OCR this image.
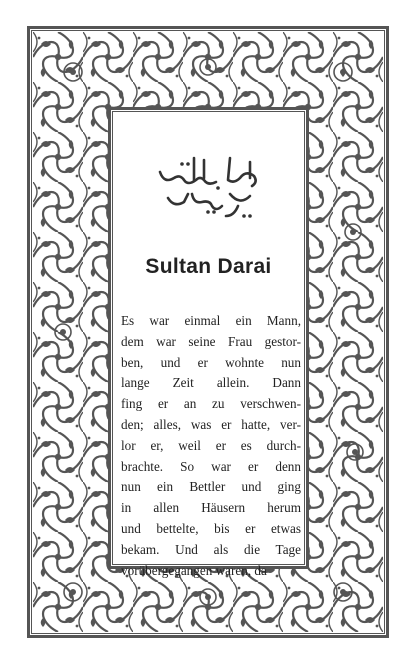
Sultan Darai
Es war einmal ein Mann,
dem war seine Frau gestor-
ben, und er wohnte nun
lange Zeit allein. Dann
fing er an zu verschwen-
den; alles, was er hatte, ver-
lor er, weil er es durch-
brachte. So war er denn
nun ein Bettler und ging
in allen Häusern herum
und bettelte, bis er etwas
bekam. Und als die Tage
vorübergegangen waren, da
